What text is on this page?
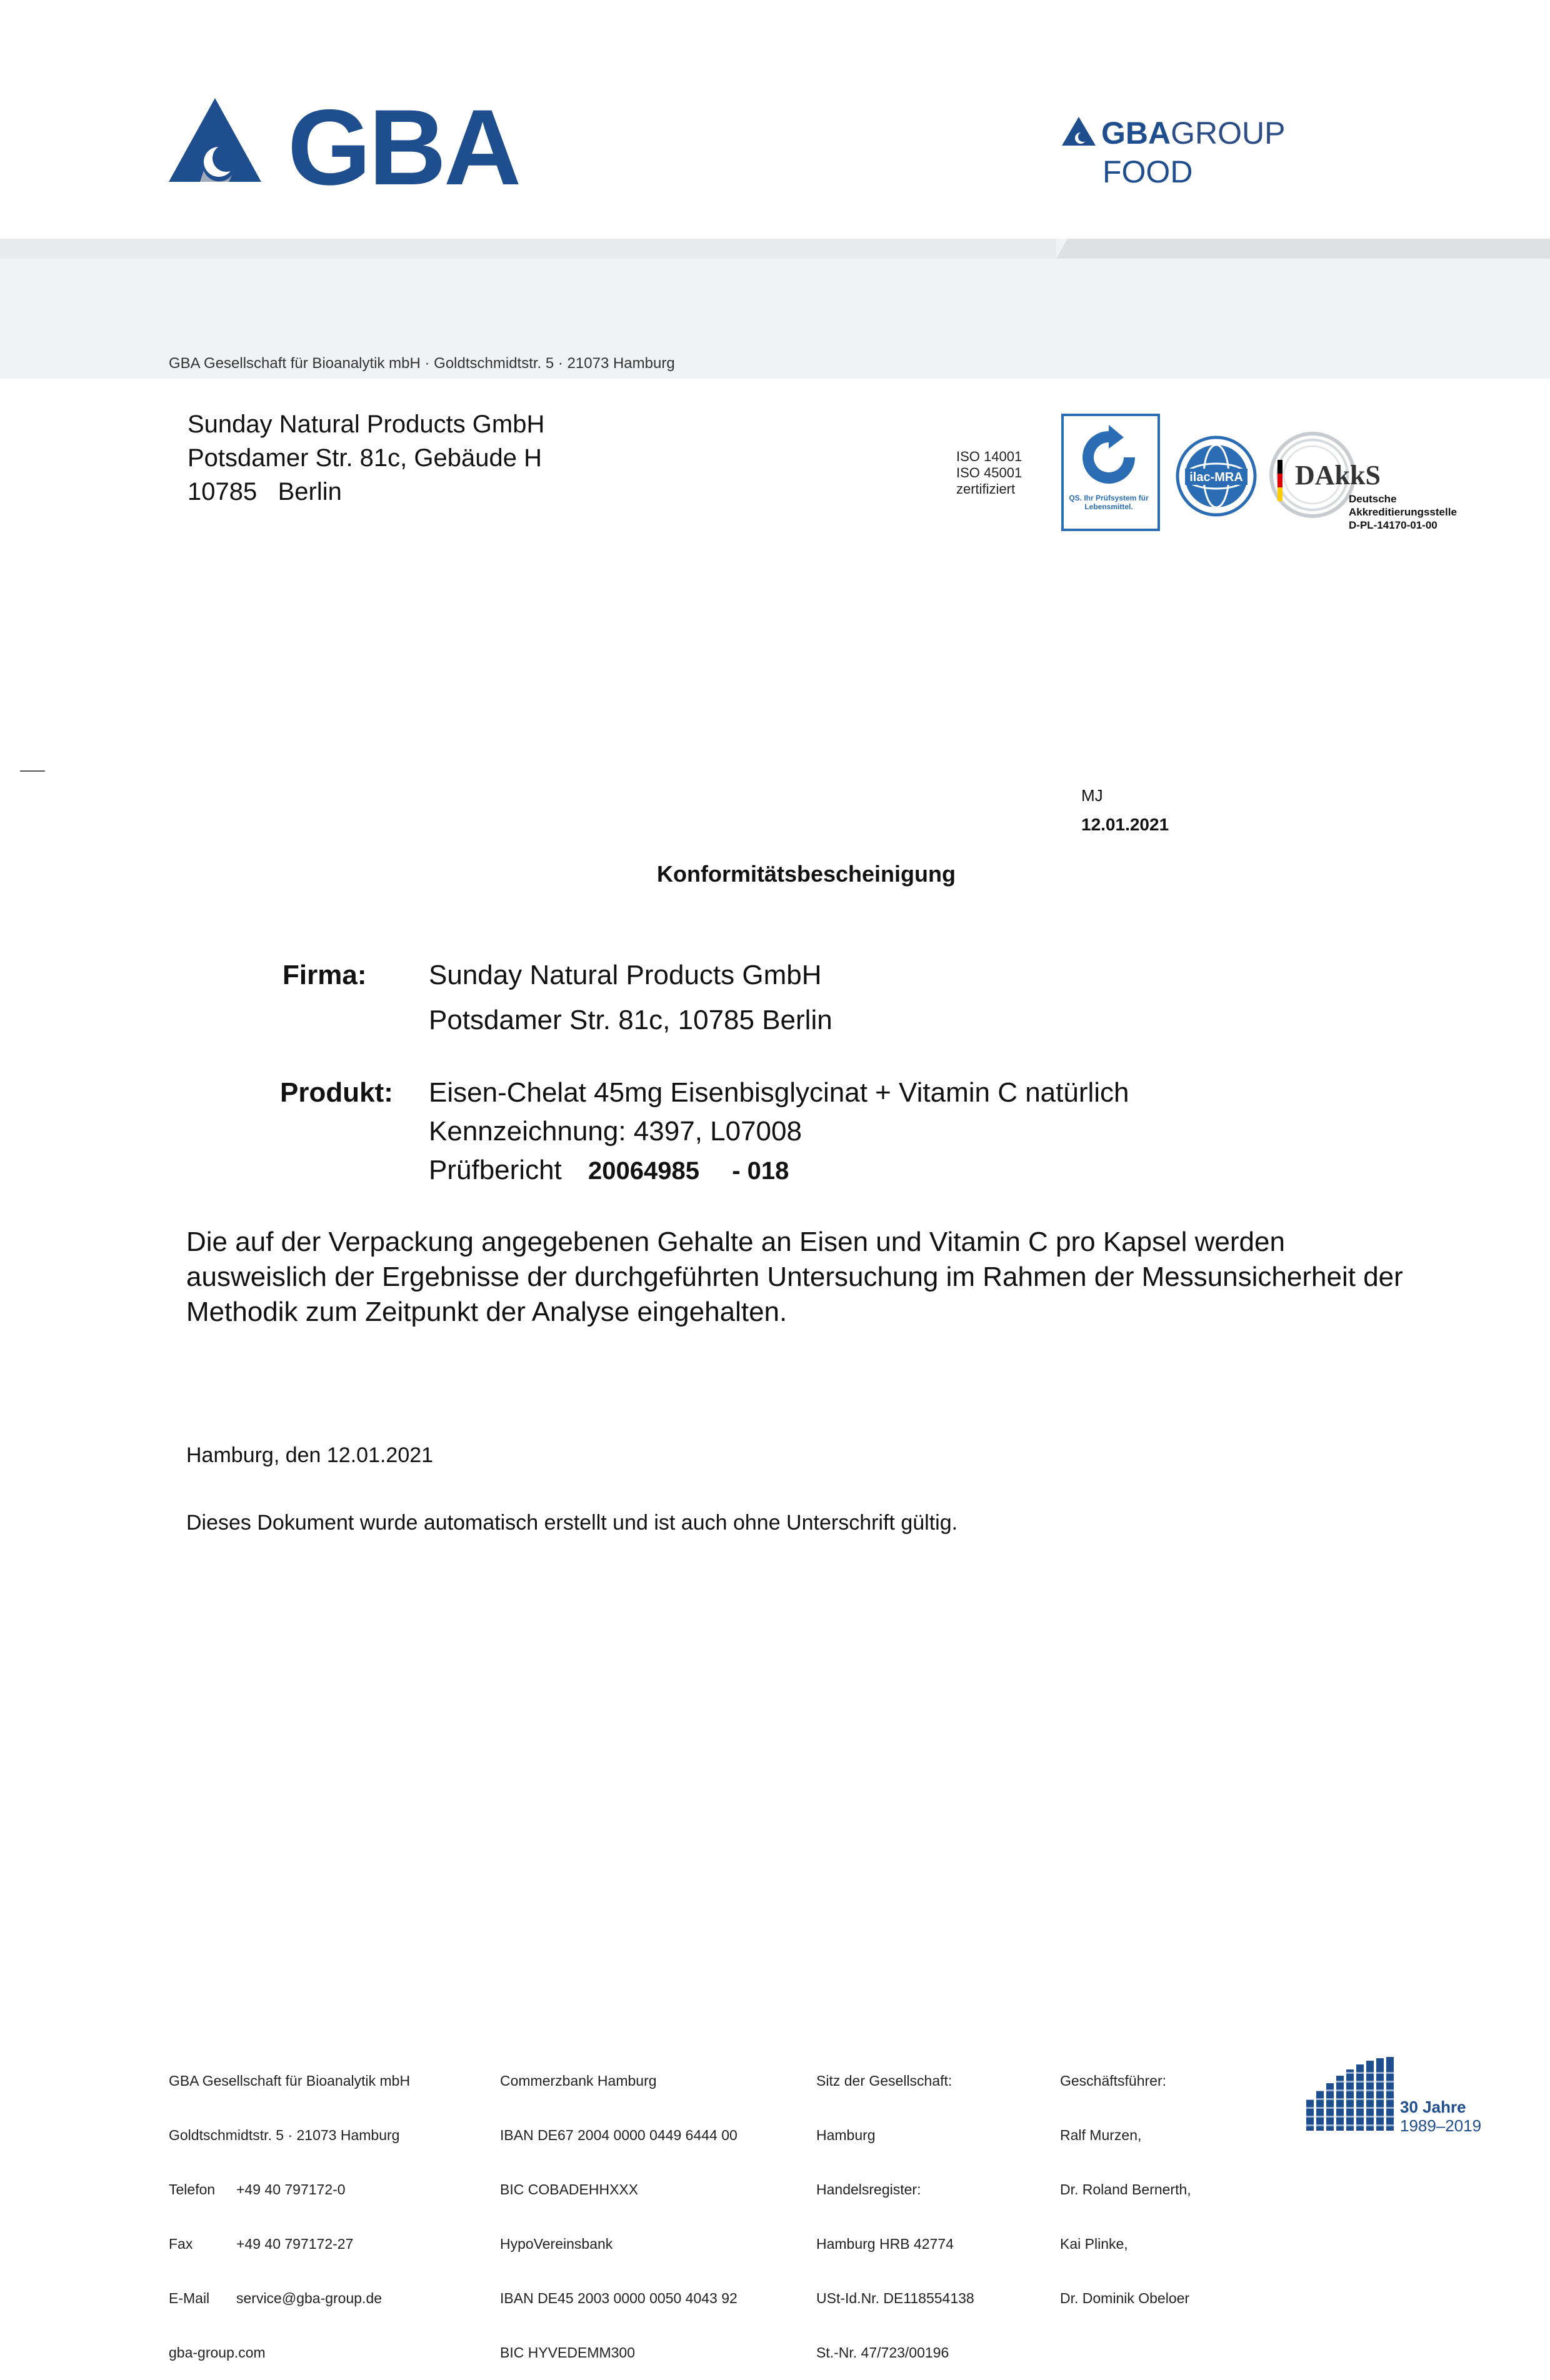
GBA	GBAGROUP
FOOD
GBA Gesellschaft für Bioanalytik mbH · Goldtschmidtstr. 5 · 21073 Hamburg
Sunday Natural Products GmbH
Potsdamer Str. 81c, Gebäude H
10785   Berlin
ISO 14001
ISO 45001
zertifiziert
QS. Ihr Prüfsystem für Lebensmittel.
ilac-MRA DAkkS
Deutsche
Akkreditierungsstelle
D-PL-14170-01-00
MJ
12.01.2021
Konformitätsbescheinigung
Firma: Sunday Natural Products GmbH
Potsdamer Str. 81c, 10785 Berlin
Produkt: Eisen-Chelat 45mg Eisenbisglycinat + Vitamin C natürlich
Kennzeichnung: 4397, L07008
Prüfbericht 20064985 - 018
Die auf der Verpackung angegebenen Gehalte an Eisen und Vitamin C pro Kapsel werden ausweislich der Ergebnisse der durchgeführten Untersuchung im Rahmen der Messunsicherheit der Methodik zum Zeitpunkt der Analyse eingehalten.
Hamburg, den 12.01.2021
Dieses Dokument wurde automatisch erstellt und ist auch ohne Unterschrift gültig.

GBA Gesellschaft für Bioanalytik mbH

Goldtschmidtstr. 5 · 21073 Hamburg

Telefon +49 40 797172-0

Fax	+49 40 797172-27

E-Mail service@gba-group.de

gba-group.com

Commerzbank Hamburg

IBAN DE67 2004 0000 0449 6444 00

BIC COBADEHHXXX

HypoVereinsbank

IBAN DE45 2003 0000 0050 4043 92

BIC HYVEDEMM300

Sitz der Gesellschaft:

Hamburg

Handelsregister:

Hamburg HRB 42774

USt-Id.Nr. DE118554138

St.-Nr. 47/723/00196

Geschäftsführer:

Ralf Murzen,

Dr. Roland Bernerth,

Kai Plinke,

Dr. Dominik Obeloer

30 Jahre
1989–2019
